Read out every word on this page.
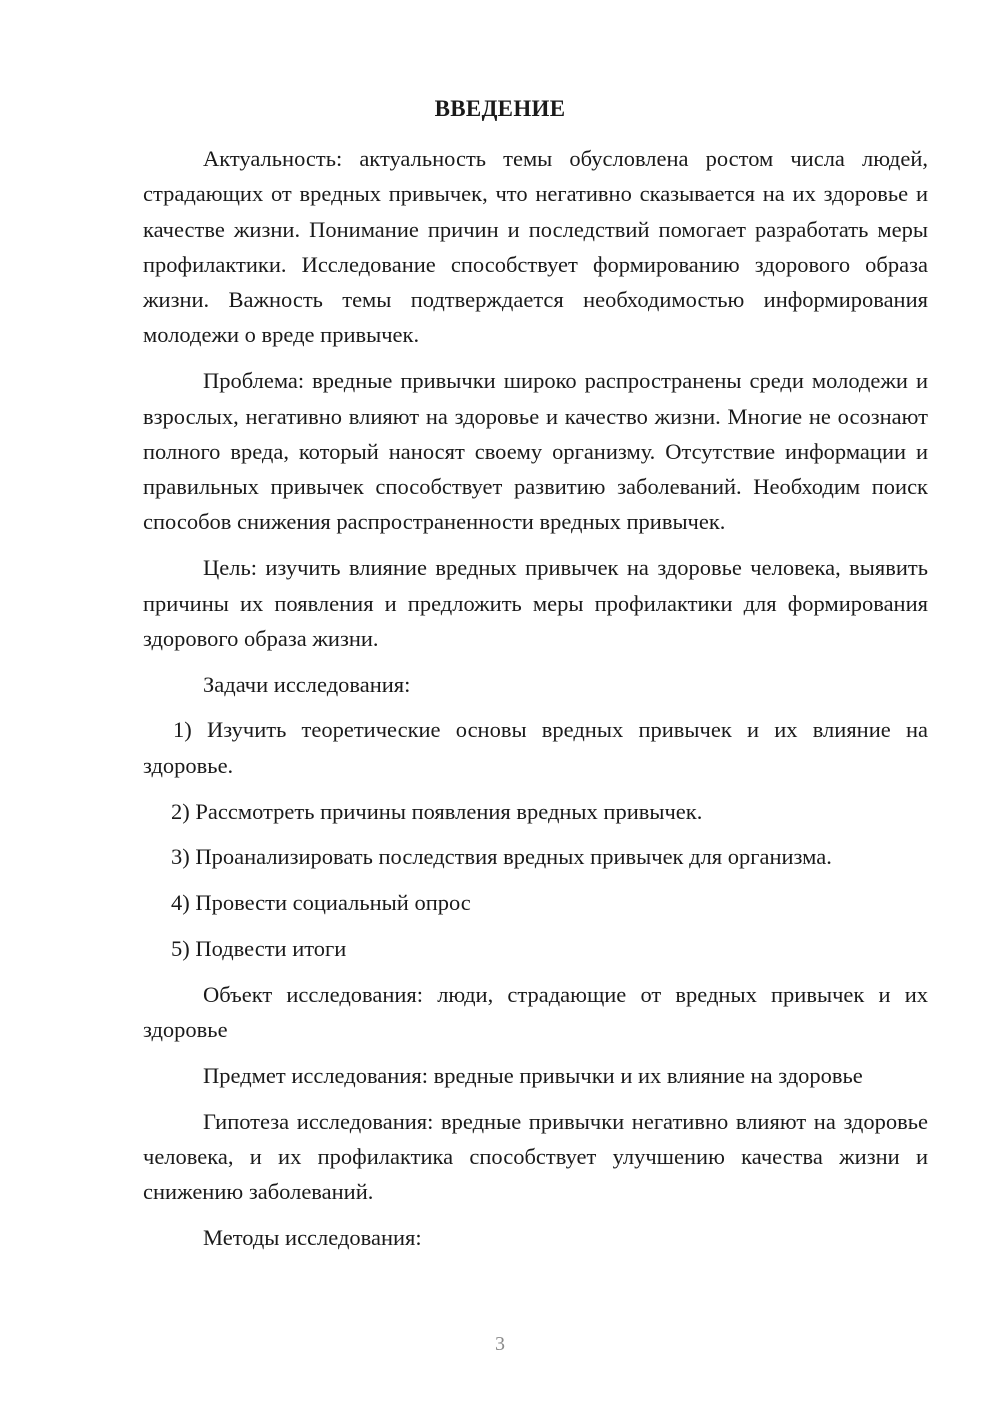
ВВЕДЕНИЕ

Актуальность: актуальность темы обусловлена ростом числа людей, страдающих от вредных привычек, что негативно сказывается на их здоровье и качестве жизни. Понимание причин и последствий помогает разработать меры профилактики. Исследование способствует формированию здорового образа жизни. Важность темы подтверждается необходимостью информирования молодежи о вреде привычек.

Проблема: вредные привычки широко распространены среди молодежи и взрослых, негативно влияют на здоровье и качество жизни. Многие не осознают полного вреда, который наносят своему организму. Отсутствие информации и правильных привычек способствует развитию заболеваний. Необходим поиск способов снижения распространенности вредных привычек.

Цель: изучить влияние вредных привычек на здоровье человека, выявить причины их появления и предложить меры профилактики для формирования здорового образа жизни.

Задачи исследования:

1) Изучить теоретические основы вредных привычек и их влияние на здоровье.

2) Рассмотреть причины появления вредных привычек.

3) Проанализировать последствия вредных привычек для организма.

4) Провести социальный опрос

5) Подвести итоги

Объект исследования: люди, страдающие от вредных привычек и их здоровье

Предмет исследования: вредные привычки и их влияние на здоровье

Гипотеза исследования: вредные привычки негативно влияют на здоровье человека, и их профилактика способствует улучшению качества жизни и снижению заболеваний.

Методы исследования:

3
